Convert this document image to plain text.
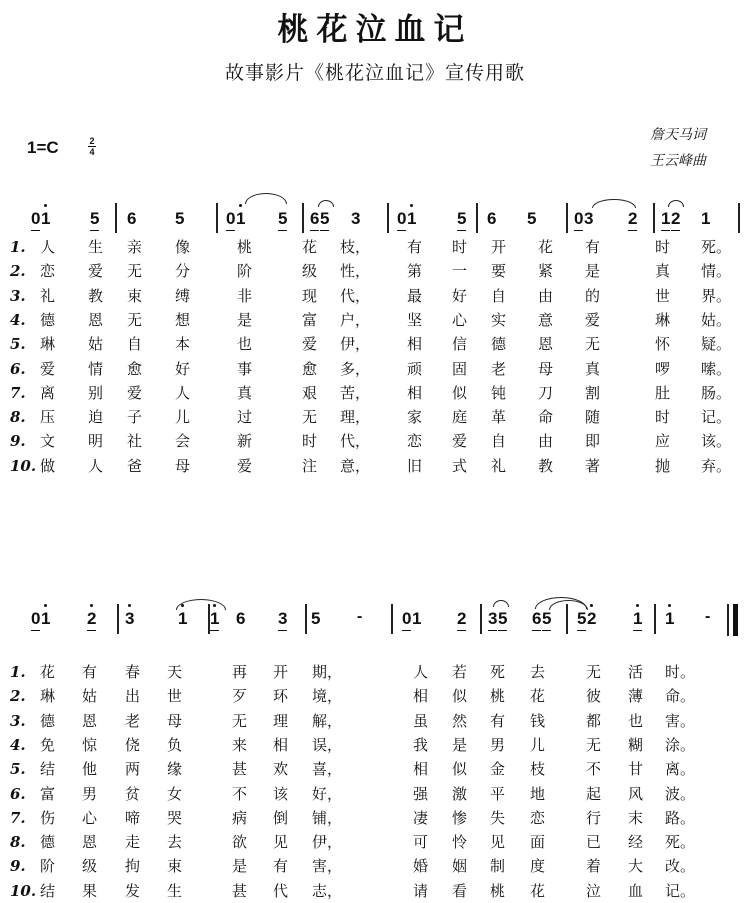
桃花泣血记
故事影片《桃花泣血记》宣传用歌
1=C	2
4
詹天马词
王云峰曲
0 1 5 6 5 0 1 5 6 5 3 0 1 5 6 5 0 3 2 1 2 1
1. 人 生 亲 像	桃	花 枝， 有 时 开 花 有	时 死。
2. 恋 爱 无 分	阶	级 性， 第 一 要 紧 是	真 情。
3. 礼 教 束 缚	非	现 代， 最 好 自 由 的	世 界。
4. 德 恩 无 想	是	富 户， 坚 心 实 意 爱	琳 姑。
5. 琳 姑 自 本	也	爱 伊， 相 信 德 恩 无	怀 疑。
6. 爱 情 愈 好	事	愈 多， 顽 固 老 母 真	啰 嗦。
7. 离 别 爱 人	真	艰 苦， 相 似 钝 刀 割	肚 肠。
8. 压 迫 子 儿	过	无 理， 家 庭 革 命 随	时 记。
9. 文 明 社 会	新	时 代， 恋 爱 自 由 即	应 该。
10. 做 人 爸 母	爱	注 意， 旧 式 礼 教 著	抛 弃。
0 1 2 3	1 1 6 3 5	0 1 2 3 5 6 5 5 2 1 1
-	-
1. 花 有 春 天	再 开 期，	人 若 死 去	无 活 时。
2. 琳 姑 出 世	歹 环 境，	相 似 桃 花	彼 薄 命。
3. 德 恩 老 母	无 理 解，	虽 然 有 钱	都 也 害。
4. 免 惊 侥 负	来 相 误，	我 是 男 儿	无 糊 涂。
5. 结 他 两 缘	甚 欢 喜，	相 似 金 枝	不 甘 离。
6. 富 男 贫 女	不 该 好，	强 激 平 地	起 风 波。
7. 伤 心 啼 哭	病 倒 铺，	凄 惨 失 恋	行 末 路。
8. 德 恩 走 去	欲 见 伊，	可 怜 见 面	已 经 死。
9. 阶 级 拘 束	是 有 害，	婚 姻 制 度	着 大 改。
10. 结 果 发 生	甚 代 志，	请 看 桃 花	泣 血 记。
